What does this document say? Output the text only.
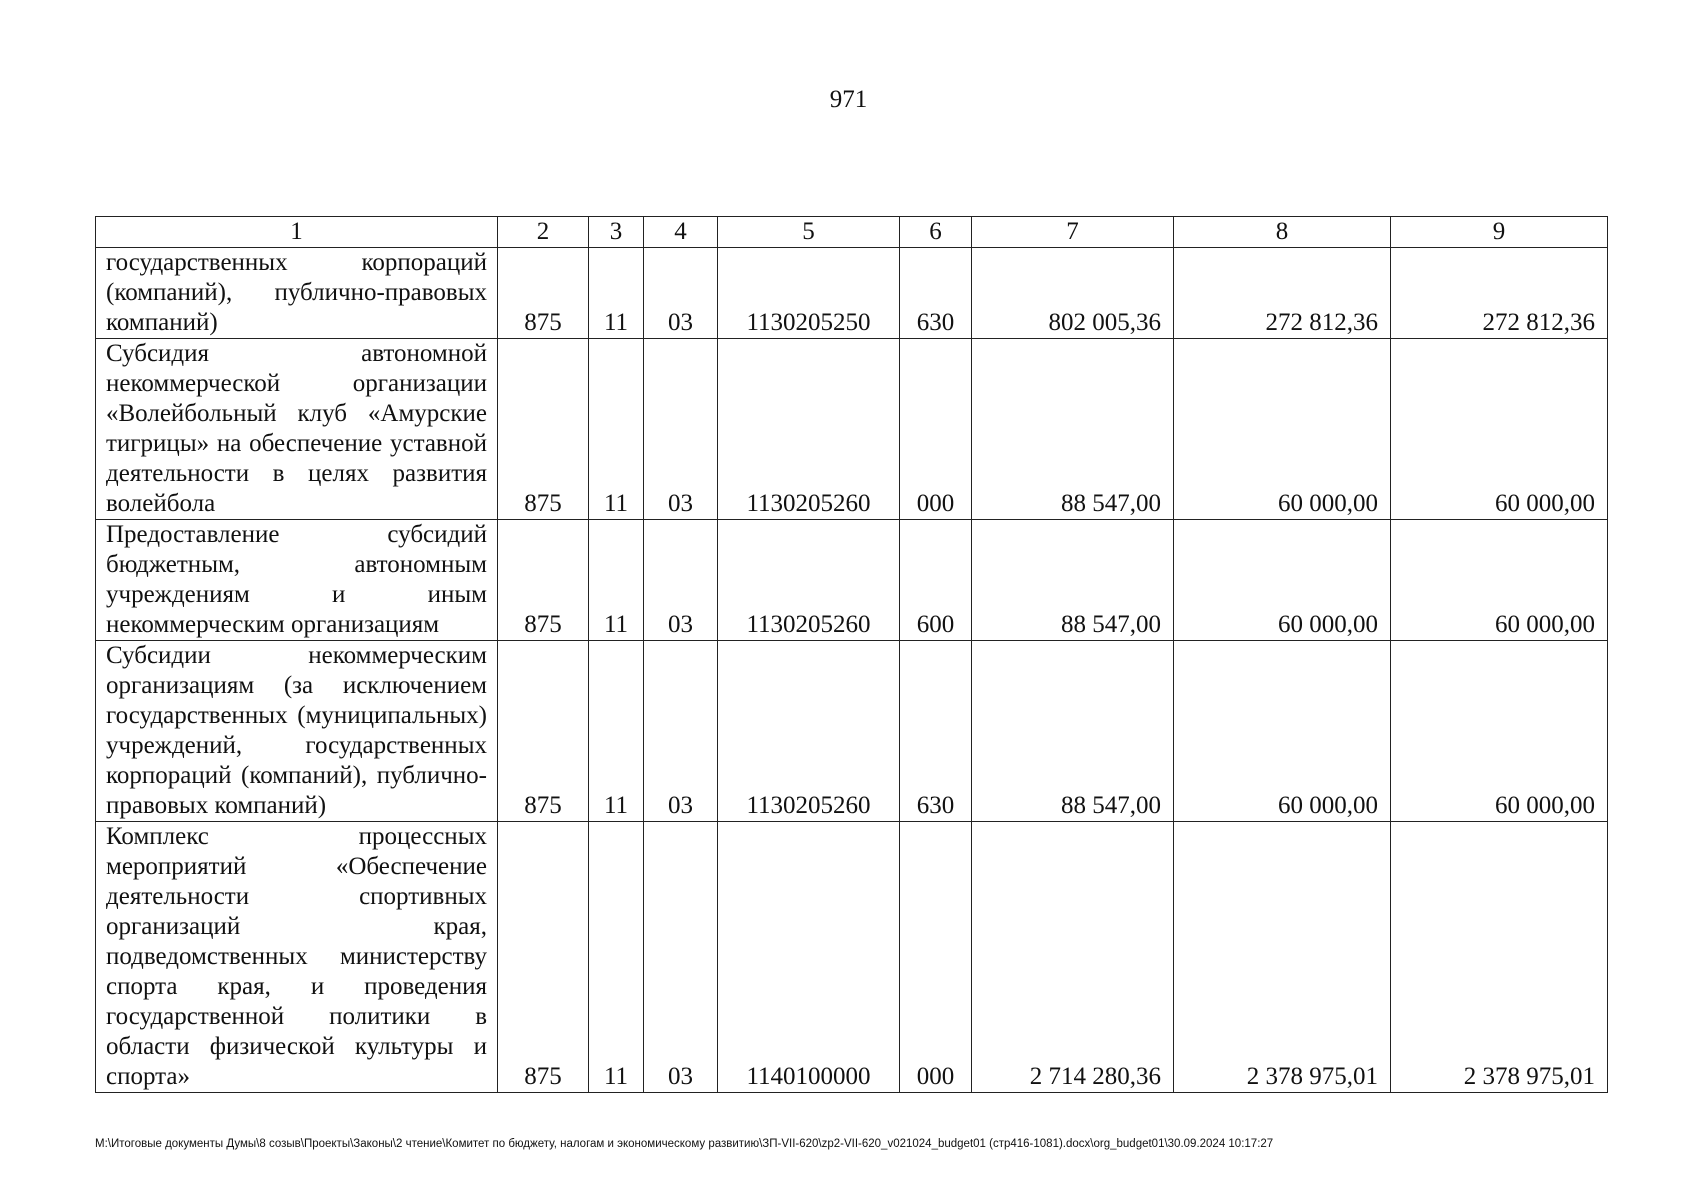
971
1	2	3	4	5	6	7	8	9
государственных корпораций (компаний), публично-правовых компаний)	875	11	03	1130205250	630	802 005,36	272 812,36	272 812,36
Субсидия автономной некоммерческой организации «Волейбольный клуб «Амурские тигрицы» на обеспечение уставной деятельности в целях развития волейбола	875	11	03	1130205260	000	88 547,00	60 000,00	60 000,00
Предоставление субсидий бюджетным, автономным учреждениям и иным некоммерческим организациям	875	11	03	1130205260	600	88 547,00	60 000,00	60 000,00
Субсидии некоммерческим организациям (за исключением государственных (муниципальных) учреждений, государственных корпораций (компаний), публично-правовых компаний)	875	11	03	1130205260	630	88 547,00	60 000,00	60 000,00
Комплекс процессных мероприятий «Обеспечение деятельности спортивных организаций края, подведомственных министерству спорта края, и проведения государственной политики в области физической культуры и спорта»	875	11	03	1140100000	000	2 714 280,36	2 378 975,01	2 378 975,01
M:\Итоговые документы Думы\8 созыв\Проекты\Законы\2 чтение\Комитет по бюджету, налогам и экономическому развитию\ЗП-VII-620\zp2-VII-620_v021024_budget01 (стр416-1081).docx\org_budget01\30.09.2024 10:17:27
